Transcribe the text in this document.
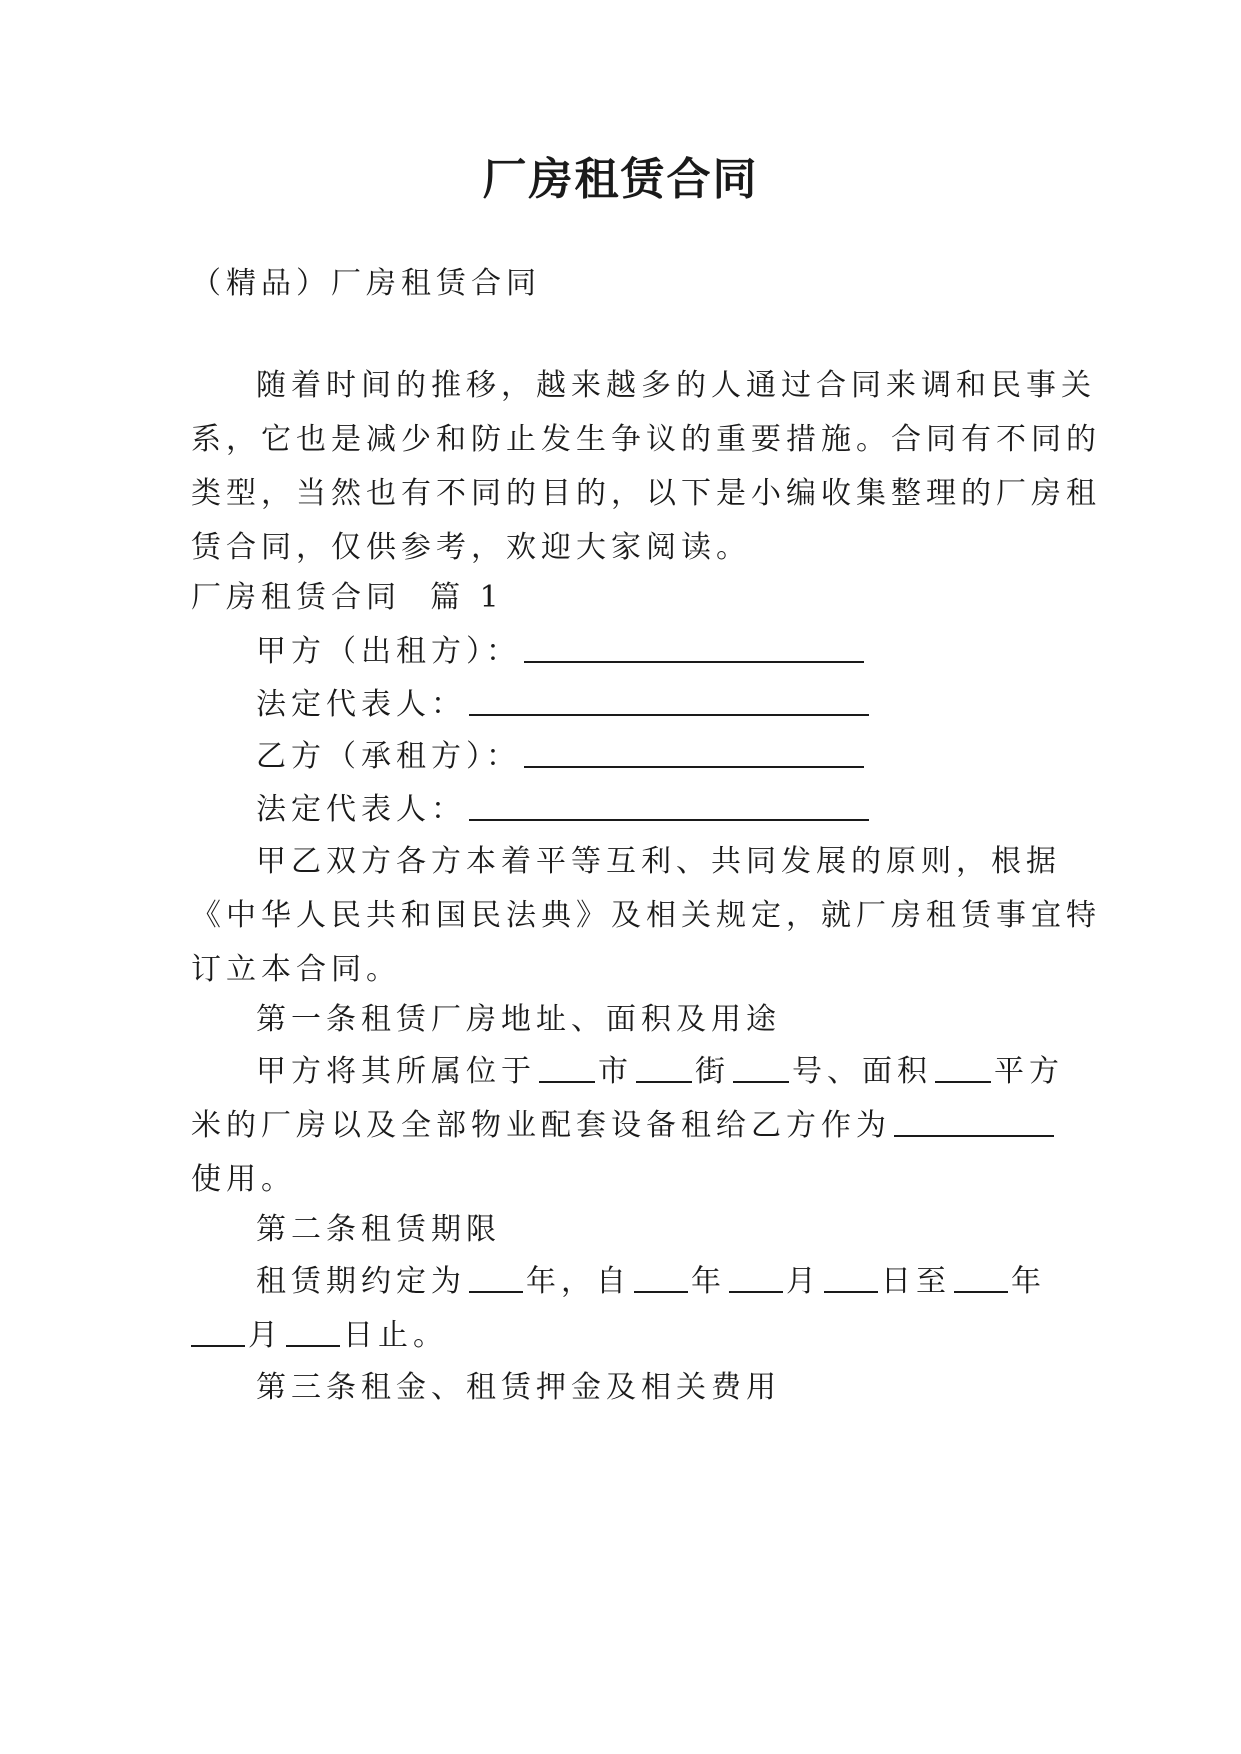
厂房租赁合同
（精品）厂房租赁合同
随着时间的推移，越来越多的人通过合同来调和民事关
系，它也是减少和防止发生争议的重要措施。合同有不同的
类型，当然也有不同的目的，以下是小编收集整理的厂房租
赁合同，仅供参考，欢迎大家阅读。
厂房租赁合同  篇 1
甲方（出租方）：
法定代表人：
乙方（承租方）：
法定代表人：
甲乙双方各方本着平等互利、共同发展的原则，根据
《中华人民共和国民法典》及相关规定，就厂房租赁事宜特
订立本合同。
第一条租赁厂房地址、面积及用途
甲方将其所属位于 市 街 号、面积 平方
米的厂房以及全部物业配套设备租给乙方作为
使用。
第二条租赁期限
租赁期约定为 年，自 年 月 日至 年
月 日止。
第三条租金、租赁押金及相关费用
